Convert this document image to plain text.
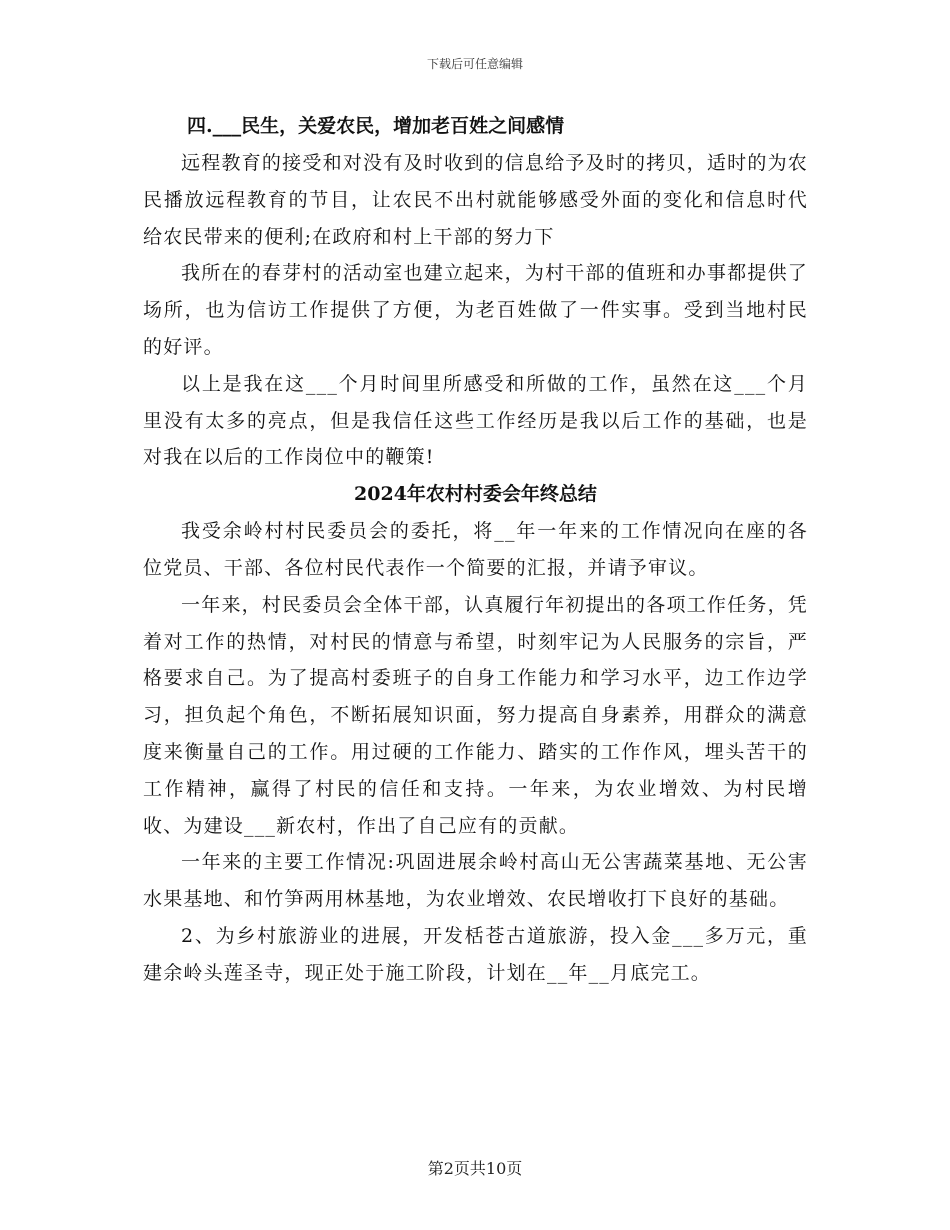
下载后可任意编辑

四.___民生，关爱农民，增加老百姓之间感情

远程教育的接受和对没有及时收到的信息给予及时的拷贝，适时的为农民播放远程教育的节目，让农民不出村就能够感受外面的变化和信息时代给农民带来的便利;在政府和村上干部的努力下

我所在的春芽村的活动室也建立起来，为村干部的值班和办事都提供了场所，也为信访工作提供了方便，为老百姓做了一件实事。受到当地村民的好评。

以上是我在这___个月时间里所感受和所做的工作，虽然在这___个月里没有太多的亮点，但是我信任这些工作经历是我以后工作的基础，也是对我在以后的工作岗位中的鞭策!

2024年农村村委会年终总结

我受余岭村村民委员会的委托，将__年一年来的工作情况向在座的各位党员、干部、各位村民代表作一个简要的汇报，并请予审议。

一年来，村民委员会全体干部，认真履行年初提出的各项工作任务，凭着对工作的热情，对村民的情意与希望，时刻牢记为人民服务的宗旨，严格要求自己。为了提高村委班子的自身工作能力和学习水平，边工作边学习，担负起个角色，不断拓展知识面，努力提高自身素养，用群众的满意度来衡量自己的工作。用过硬的工作能力、踏实的工作作风，埋头苦干的工作精神，赢得了村民的信任和支持。一年来，为农业增效、为村民增收、为建设___新农村，作出了自己应有的贡献。

一年来的主要工作情况:巩固进展余岭村高山无公害蔬菜基地、无公害水果基地、和竹笋两用林基地，为农业增效、农民增收打下良好的基础。

2、为乡村旅游业的进展，开发栝苍古道旅游，投入金___多万元，重建余岭头莲圣寺，现正处于施工阶段，计划在__年__月底完工。

第2页共10页
